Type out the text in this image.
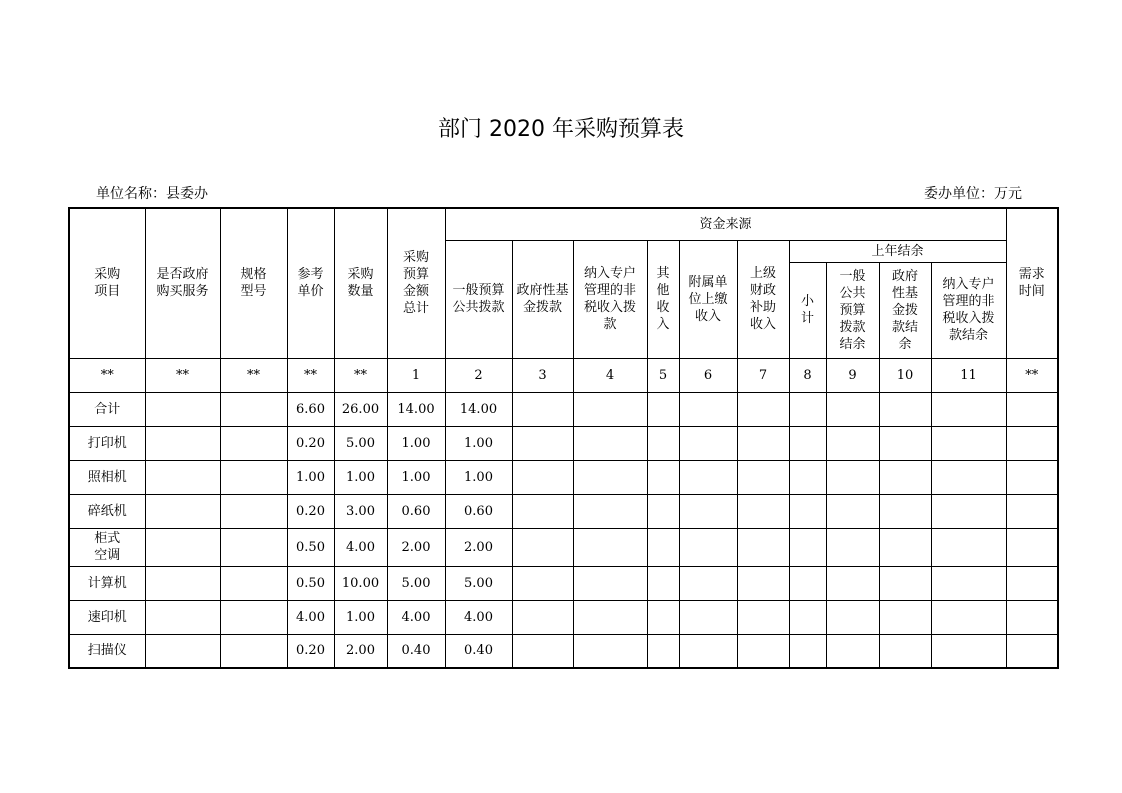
部门 2020 年采购预算表
单位名称：县委办	委办单位：万元
采购项目	是否政府购买服务	规格型号	参考单价	采购数量	采购预算金额总计	资金来源										需求时间
						一般预算公共拨款	政府性基金拨款	纳入专户管理的非税收入拨款	其他收入	附属单位上缴收入	上级财政补助收入	上年结余				
												小计	一般公共预算拨款结余	政府性基金拨款结余	纳入专户管理的非税收入拨款结余	
**	**	**	**	**	1	2	3	4	5	6	7	8	9	10	11	**
合计			6.60	26.00	14.00	14.00										
打印机			0.20	5.00	1.00	1.00										
照相机			1.00	1.00	1.00	1.00										
碎纸机			0.20	3.00	0.60	0.60										
柜式空调			0.50	4.00	2.00	2.00										
计算机			0.50	10.00	5.00	5.00										
速印机			4.00	1.00	4.00	4.00										
扫描仪			0.20	2.00	0.40	0.40										
